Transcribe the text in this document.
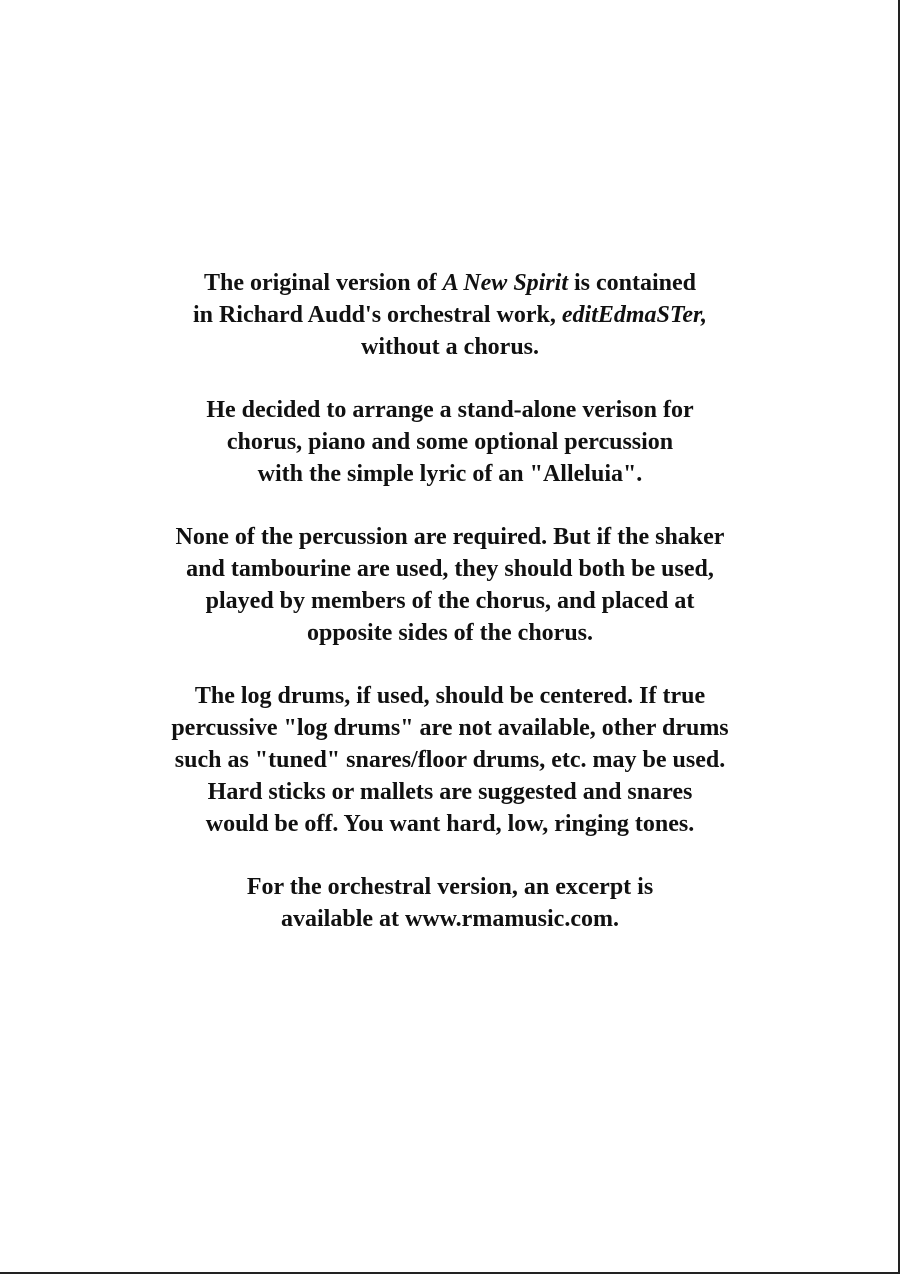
The original version of A New Spirit is contained
in Richard Audd's orchestral work, editEdmaSTer,
without a chorus.

He decided to arrange a stand-alone verison for
chorus, piano and some optional percussion
with the simple lyric of an "Alleluia".

None of the percussion are required. But if the shaker
and tambourine are used, they should both be used,
played by members of the chorus, and placed at
opposite sides of the chorus.

The log drums, if used, should be centered. If true
percussive "log drums" are not available, other drums
such as "tuned" snares/floor drums, etc. may be used.
Hard sticks or mallets are suggested and snares
would be off. You want hard, low, ringing tones.

For the orchestral version, an excerpt is
available at www.rmamusic.com.
